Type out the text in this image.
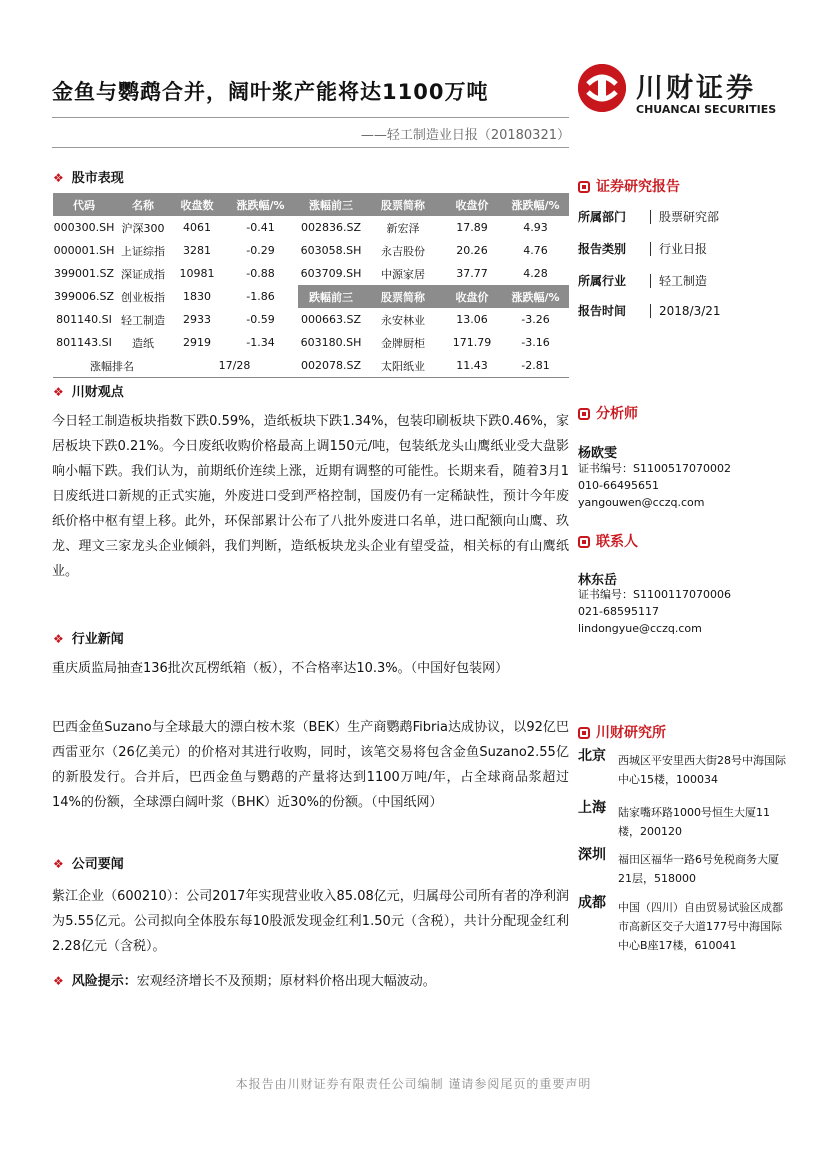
金鱼与鹦鹉合并，阔叶浆产能将达1100万吨
——轻工制造业日报（20180321）
川财证券
CHUANCAI SECURITIES
❖ 股市表现
代码	名称	收盘数	涨跌幅/%	涨幅前三	股票简称	收盘价	涨跌幅/%
000300.SH	沪深300	4061	-0.41	002836.SZ	新宏泽	17.89	4.93
000001.SH	上证综指	3281	-0.29	603058.SH	永吉股份	20.26	4.76
399001.SZ	深证成指	10981	-0.88	603709.SH	中源家居	37.77	4.28
399006.SZ	创业板指	1830	-1.86	跌幅前三	股票简称	收盘价	涨跌幅/%
801140.SI	轻工制造	2933	-0.59	000663.SZ	永安林业	13.06	-3.26
801143.SI	造纸	2919	-1.34	603180.SH	金牌厨柜	171.79	-3.16
涨幅排名		17/28		002078.SZ	太阳纸业	11.43	-2.81
❖ 川财观点
今日轻工制造板块指数下跌0.59%，造纸板块下跌1.34%，包装印刷板块下跌0.46%，家居板块下跌0.21%。今日废纸收购价格最高上调150元/吨，包装纸龙头山鹰纸业受大盘影响小幅下跌。我们认为，前期纸价连续上涨，近期有调整的可能性。长期来看，随着3月1日废纸进口新规的正式实施，外废进口受到严格控制，国废仍有一定稀缺性，预计今年废纸价格中枢有望上移。此外，环保部累计公布了八批外废进口名单，进口配额向山鹰、玖龙、理文三家龙头企业倾斜，我们判断，造纸板块龙头企业有望受益，相关标的有山鹰纸业。
❖ 行业新闻
重庆质监局抽查136批次瓦楞纸箱（板），不合格率达10.3%。（中国好包装网）
巴西金鱼Suzano与全球最大的漂白桉木浆（BEK）生产商鹦鹉Fibria达成协议，以92亿巴西雷亚尔（26亿美元）的价格对其进行收购，同时，该笔交易将包含金鱼Suzano2.55亿的新股发行。合并后，巴西金鱼与鹦鹉的产量将达到1100万吨/年，占全球商品浆超过14%的份额，全球漂白阔叶浆（BHK）近30%的份额。（中国纸网）
❖ 公司要闻
紫江企业（600210）：公司2017年实现营业收入85.08亿元，归属母公司所有者的净利润为5.55亿元。公司拟向全体股东每10股派发现金红利1.50元（含税），共计分配现金红利2.28亿元（含税）。
❖ 风险提示：宏观经济增长不及预期；原材料价格出现大幅波动。
证券研究报告
所属部门	股票研究部
报告类别	行业日报
所属行业	轻工制造
报告时间	2018/3/21
分析师
杨欧雯
证书编号：S1100517070002
010-66495651
yangouwen@cczq.com
联系人
林东岳
证书编号：S1100117070006
021-68595117
lindongyue@cczq.com
川财研究所
北京 西城区平安里西大街28号中海国际中心15楼，100034
上海 陆家嘴环路1000号恒生大厦11楼，200120
深圳 福田区福华一路6号免税商务大厦21层，518000
成都 中国（四川）自由贸易试验区成都市高新区交子大道177号中海国际中心B座17楼，610041
本报告由川财证券有限责任公司编制 谨请参阅尾页的重要声明
